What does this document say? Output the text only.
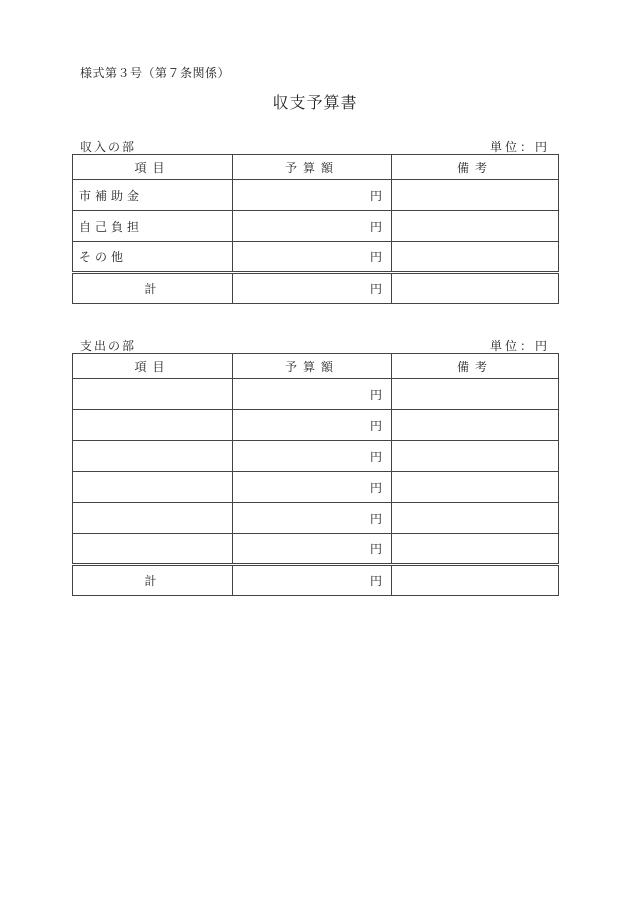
様式第３号（第７条関係）
収支予算書
収入の部	単位：円
項目	予算額	備考
市補助金	円	
自己負担	円	
その他	円	
計	円	
支出の部	単位：円
項目	予算額	備考
	円	
	円	
	円	
	円	
	円	
	円	
計	円	
